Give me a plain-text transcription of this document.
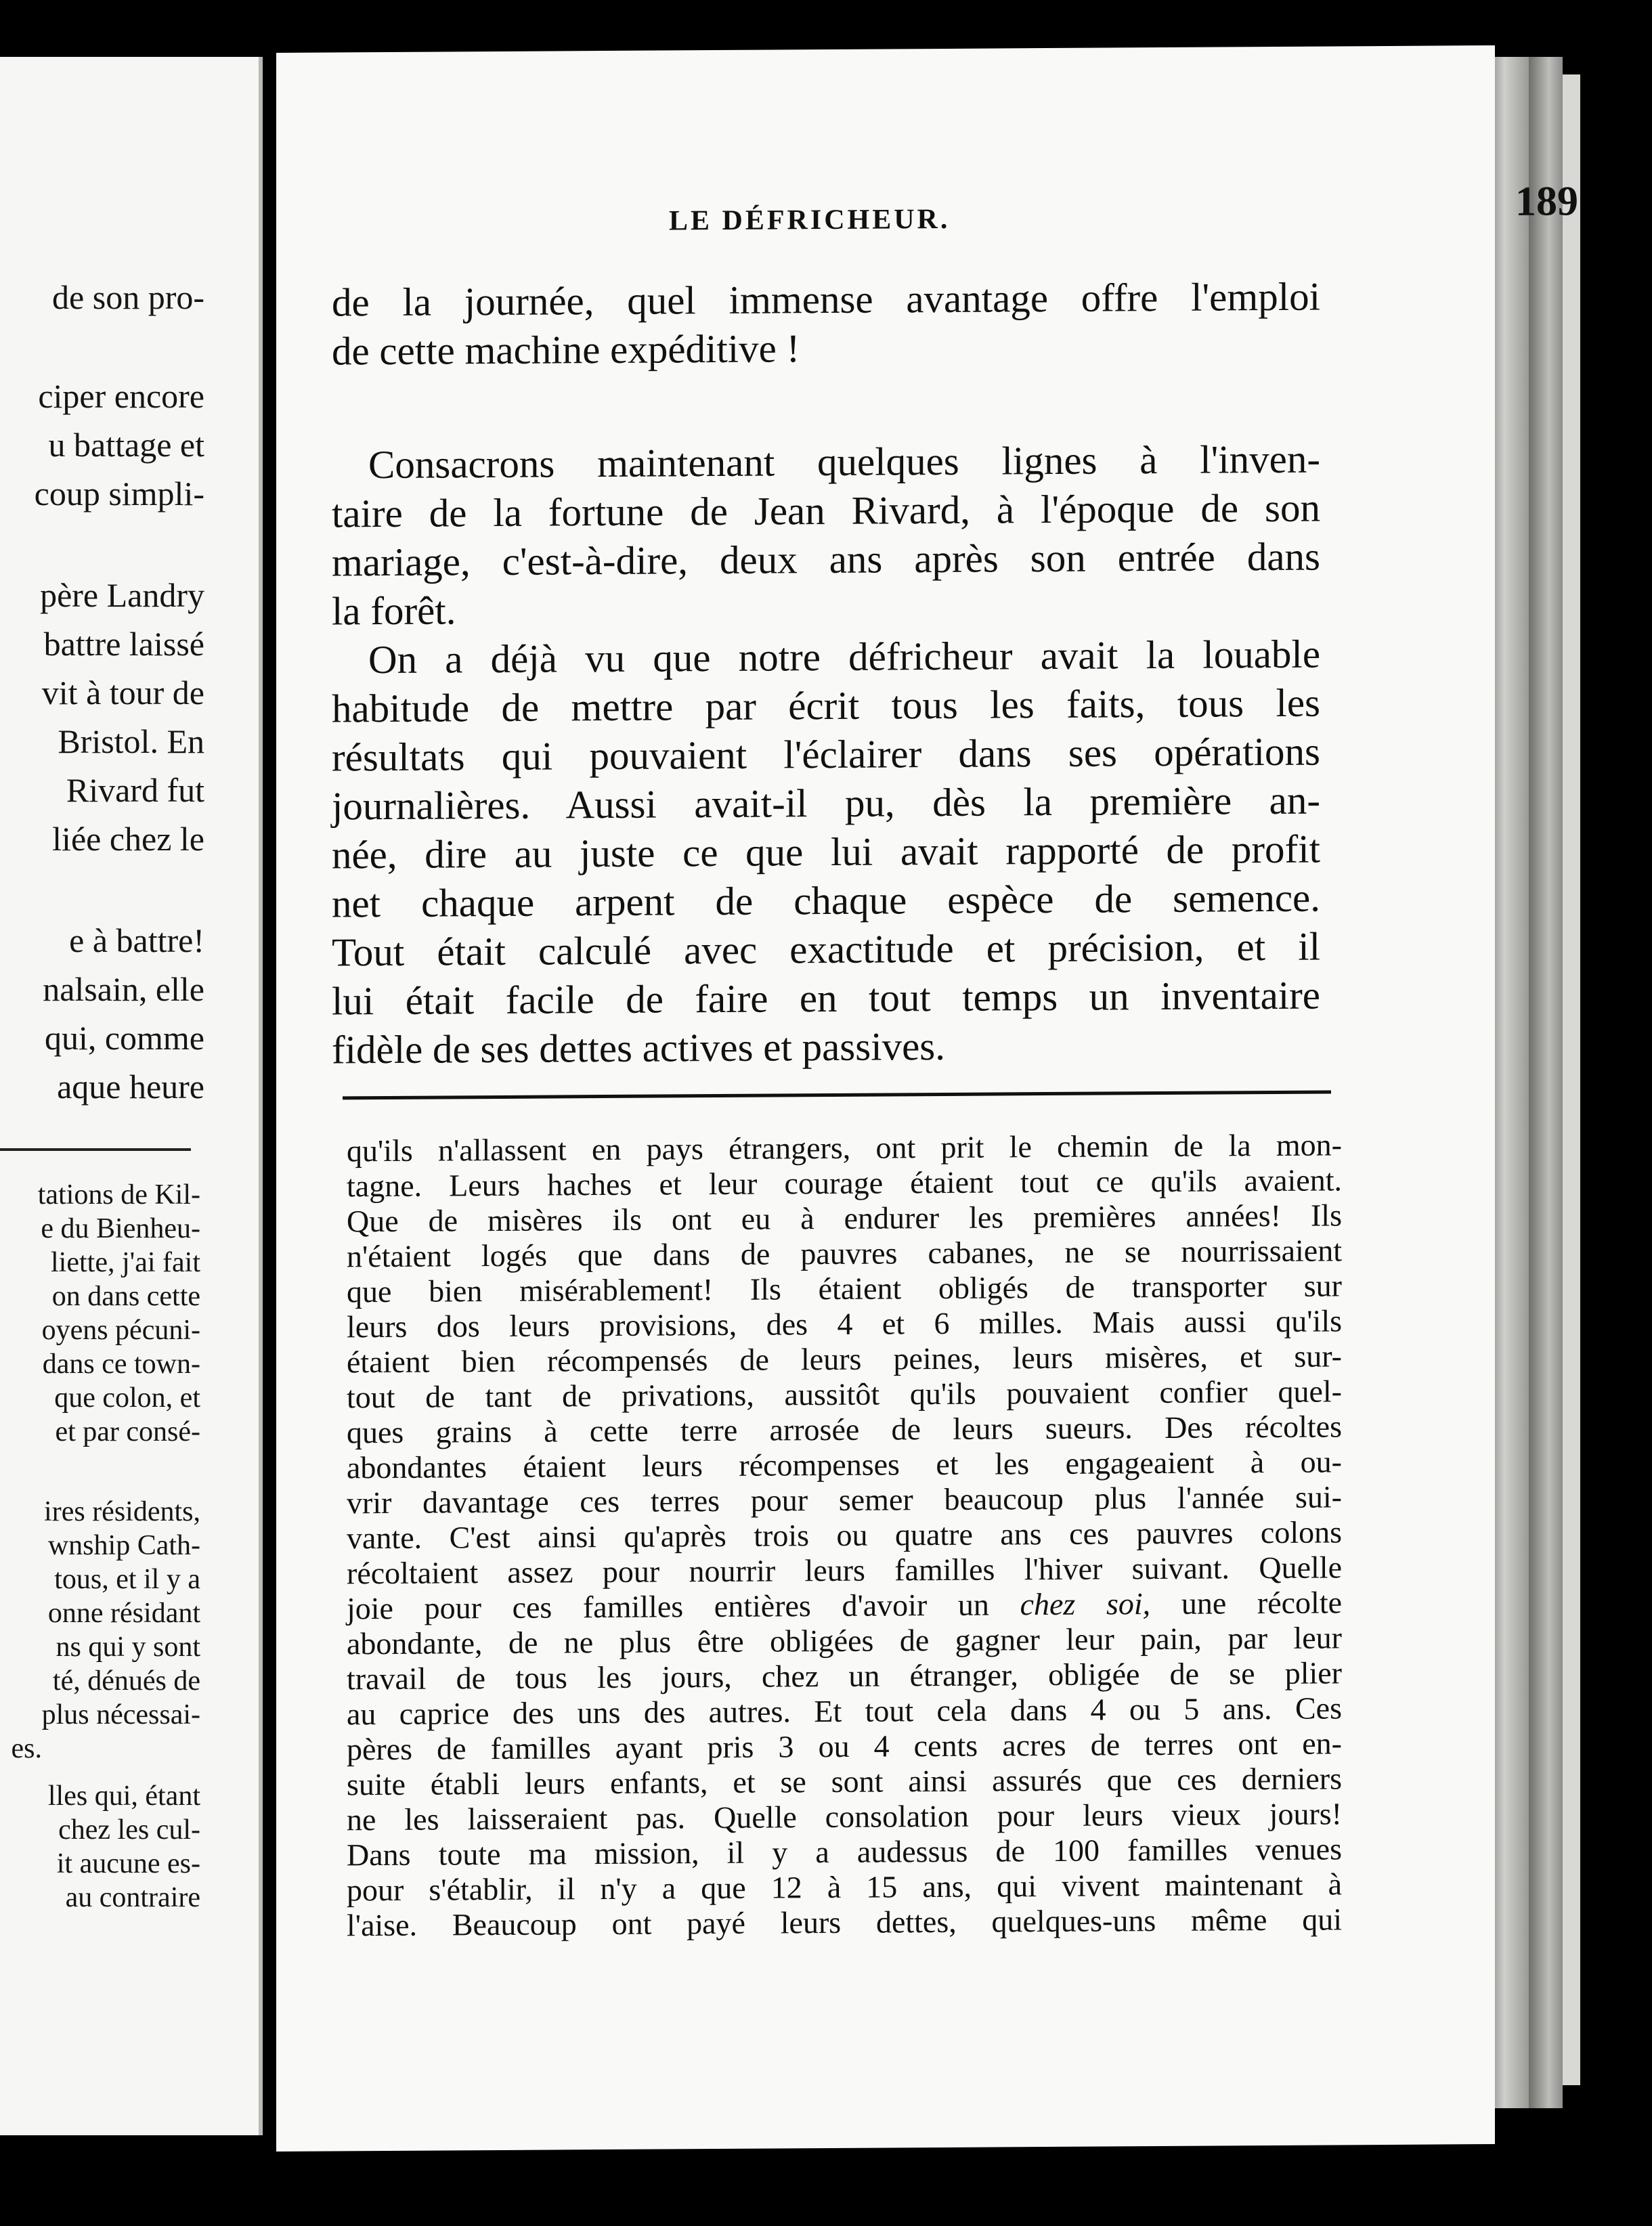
de son pro-
ciper encore
u battage et
coup simpli-
père Landry
battre laissé
vit à tour de
Bristol. En
Rivard fut
liée chez le
e à battre!
nalsain, elle
qui, comme
aque heure
tations de Kil-
e du Bienheu-
liette, j'ai fait
on dans cette
oyens pécuni-
dans ce town-
que colon, et
et par consé-
ires résidents,
wnship Cath-
tous, et il y a
onne résidant
ns qui y sont
té, dénués de
plus nécessai-
es.
lles qui, étant
chez les cul-
it aucune es-
au contraire
LE DÉFRICHEUR.	189
de la journée, quel immense avantage offre l'emploi
de cette machine expéditive !
Consacrons maintenant quelques lignes à l'inven-
taire de la fortune de Jean Rivard, à l'époque de son
mariage, c'est-à-dire, deux ans après son entrée dans
la forêt.
On a déjà vu que notre défricheur avait la louable
habitude de mettre par écrit tous les faits, tous les
résultats qui pouvaient l'éclairer dans ses opérations
journalières. Aussi avait-il pu, dès la première an-
née, dire au juste ce que lui avait rapporté de profit
net chaque arpent de chaque espèce de semence.
Tout était calculé avec exactitude et précision, et il
lui était facile de faire en tout temps un inventaire
fidèle de ses dettes actives et passives.
qu'ils n'allassent en pays étrangers, ont prit le chemin de la mon-
tagne. Leurs haches et leur courage étaient tout ce qu'ils avaient.
Que de misères ils ont eu à endurer les premières années! Ils
n'étaient logés que dans de pauvres cabanes, ne se nourrissaient
que bien misérablement! Ils étaient obligés de transporter sur
leurs dos leurs provisions, des 4 et 6 milles. Mais aussi qu'ils
étaient bien récompensés de leurs peines, leurs misères, et sur-
tout de tant de privations, aussitôt qu'ils pouvaient confier quel-
ques grains à cette terre arrosée de leurs sueurs. Des récoltes
abondantes étaient leurs récompenses et les engageaient à ou-
vrir davantage ces terres pour semer beaucoup plus l'année sui-
vante. C'est ainsi qu'après trois ou quatre ans ces pauvres colons
récoltaient assez pour nourrir leurs familles l'hiver suivant. Quelle
joie pour ces familles entières d'avoir un chez soi, une récolte
abondante, de ne plus être obligées de gagner leur pain, par leur
travail de tous les jours, chez un étranger, obligée de se plier
au caprice des uns des autres. Et tout cela dans 4 ou 5 ans. Ces
pères de familles ayant pris 3 ou 4 cents acres de terres ont en-
suite établi leurs enfants, et se sont ainsi assurés que ces derniers
ne les laisseraient pas. Quelle consolation pour leurs vieux jours!
Dans toute ma mission, il y a audessus de 100 familles venues
pour s'établir, il n'y a que 12 à 15 ans, qui vivent maintenant à
l'aise. Beaucoup ont payé leurs dettes, quelques-uns même qui
